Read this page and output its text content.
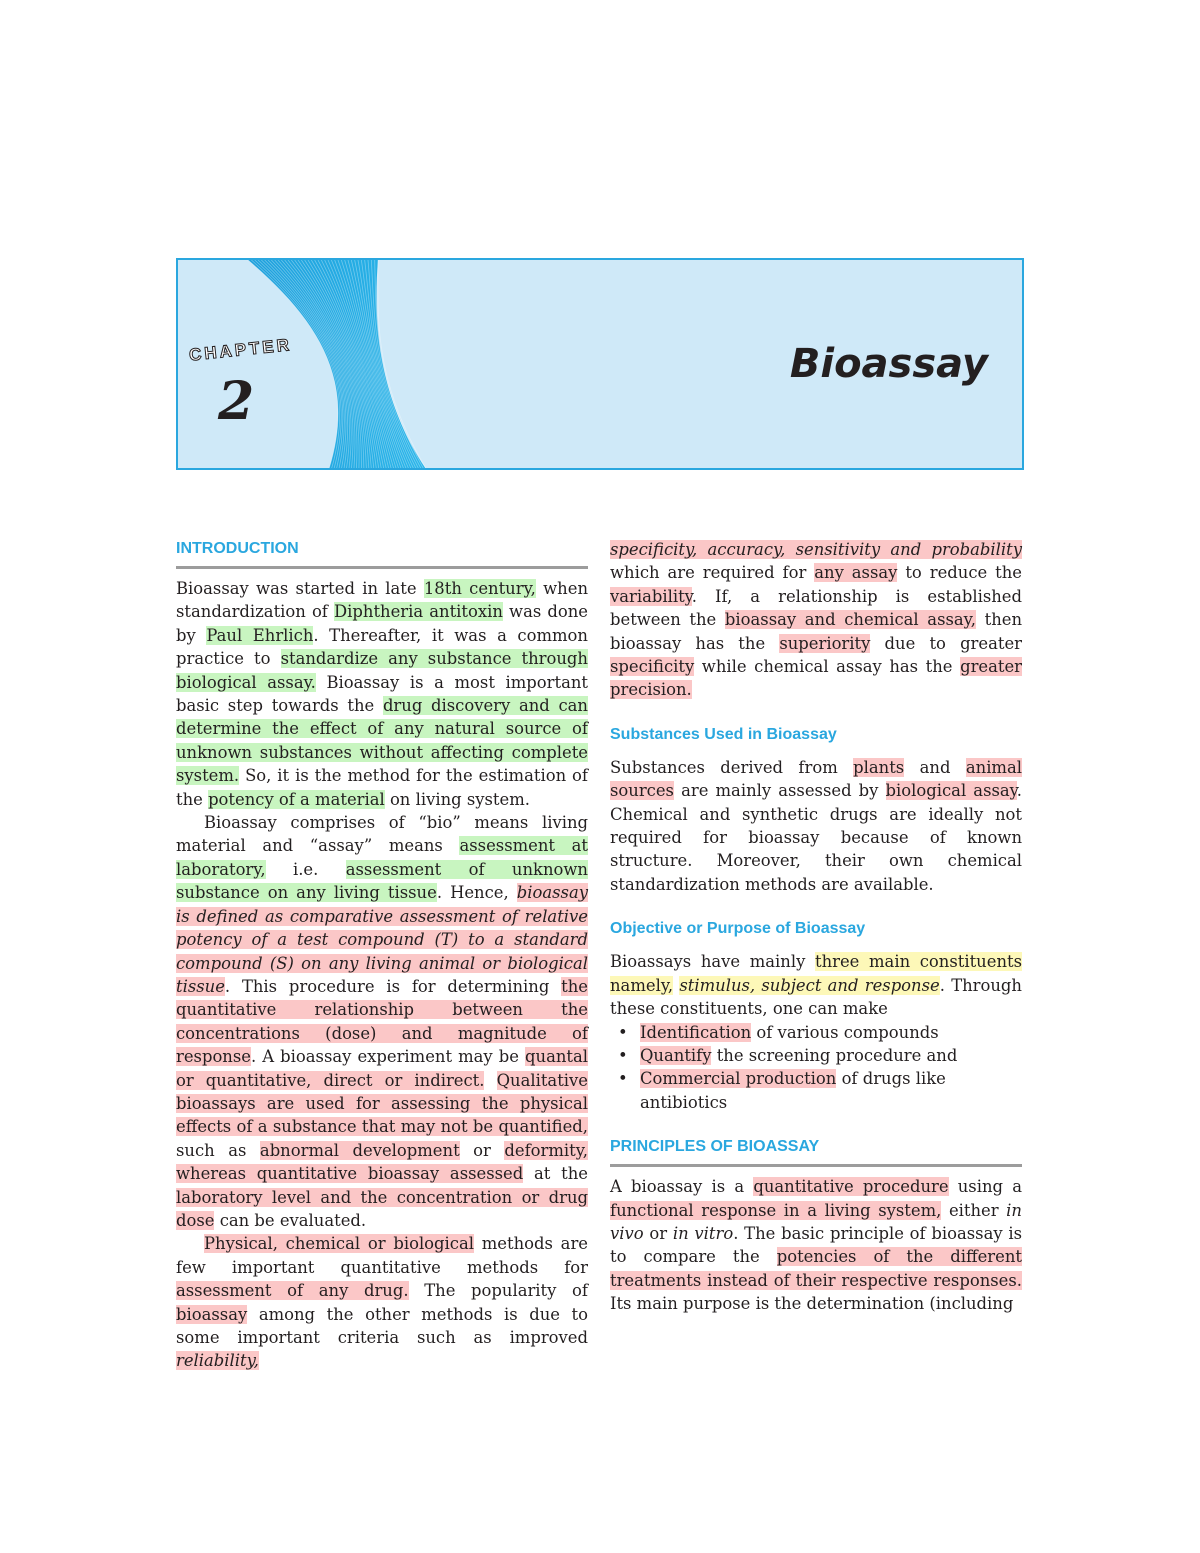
CHAPTER
2
Bioassay
INTRODUCTION

Bioassay was started in late 18th century, when standardization of Diphtheria antitoxin was done by Paul Ehrlich. Thereafter, it was a common practice to standardize any substance through biological assay. Bioassay is a most important basic step towards the drug discovery and can determine the effect of any natural source of unknown substances without affecting complete system. So, it is the method for the estimation of the potency of a material on living system.

Bioassay comprises of “bio” means living material and “assay” means assessment at laboratory, i.e. assessment of unknown substance on any living tissue. Hence, bioassay is defined as comparative assessment of relative potency of a test compound (T) to a standard compound (S) on any living animal or biological tissue. This procedure is for determining the quantitative relationship between the concentrations (dose) and magnitude of response. A bioassay experiment may be quantal or quantitative, direct or indirect. Qualitative bioassays are used for assessing the physical effects of a substance that may not be quantified, such as abnormal development or deformity, whereas quantitative bioassay assessed at the laboratory level and the concentration or drug dose can be evaluated.

Physical, chemical or biological methods are few important quantitative methods for assessment of any drug. The popularity of bioassay among the other methods is due to some important criteria such as improved reliability,

specificity, accuracy, sensitivity and probability which are required for any assay to reduce the variability. If, a relationship is established between the bioassay and chemical assay, then bioassay has the superiority due to greater specificity while chemical assay has the greater precision.

Substances Used in Bioassay

Substances derived from plants and animal sources are mainly assessed by biological assay. Chemical and synthetic drugs are ideally not required for bioassay because of known structure. Moreover, their own chemical standardization methods are available.

Objective or Purpose of Bioassay

Bioassays have mainly three main constituents namely, stimulus, subject and response. Through these constituents, one can make

• Identification of various compounds
• Quantify the screening procedure and
• Commercial production of drugs like antibiotics
PRINCIPLES OF BIOASSAY

A bioassay is a quantitative procedure using a functional response in a living system, either in vivo or in vitro. The basic principle of bioassay is to compare the potencies of the different treatments instead of their respective responses. Its main purpose is the determination (including
